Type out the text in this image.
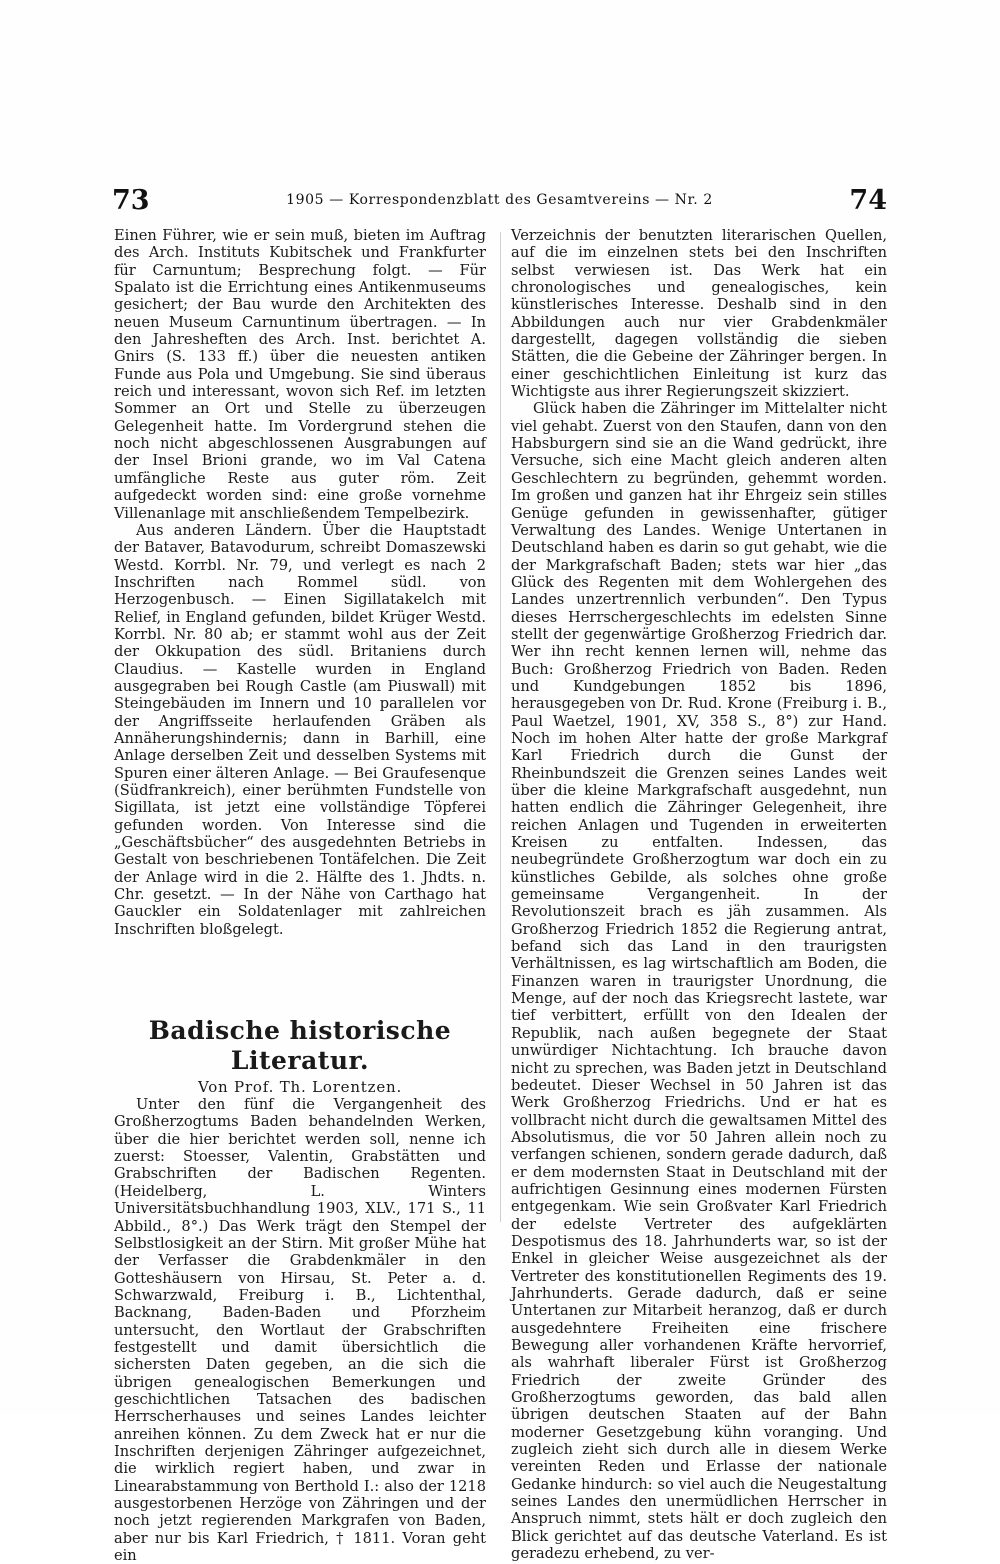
73	1905 — Korrespondenzblatt des Gesamtvereins — Nr. 2	74

Einen Führer, wie er sein muß, bieten im Auftrag des Arch. Instituts Kubitschek und Frankfurter für Carnuntum; Besprechung folgt. — Für Spalato ist die Errichtung eines Antikenmuseums gesichert; der Bau wurde den Architekten des neuen Museum Carnuntinum übertragen. — In den Jahresheften des Arch. Inst. berichtet A. Gnirs (S. 133 ff.) über die neuesten antiken Funde aus Pola und Umgebung. Sie sind überaus reich und interessant, wovon sich Ref. im letzten Sommer an Ort und Stelle zu überzeugen Gelegenheit hatte. Im Vordergrund stehen die noch nicht abgeschlossenen Ausgrabungen auf der Insel Brioni grande, wo im Val Catena umfängliche Reste aus guter röm. Zeit aufgedeckt worden sind: eine große vornehme Villenanlage mit anschließendem Tempelbezirk.

Aus anderen Ländern. Über die Hauptstadt der Bataver, Batavodurum, schreibt Domaszewski Westd. Korrbl. Nr. 79, und verlegt es nach 2 Inschriften nach Rommel südl. von Herzogenbusch. — Einen Sigillatakelch mit Relief, in England gefunden, bildet Krüger Westd. Korrbl. Nr. 80 ab; er stammt wohl aus der Zeit der Okkupation des südl. Britaniens durch Claudius. — Kastelle wurden in England ausgegraben bei Rough Castle (am Piuswall) mit Steingebäuden im Innern und 10 parallelen vor der Angriffsseite herlaufenden Gräben als Annäherungshindernis; dann in Barhill, eine Anlage derselben Zeit und desselben Systems mit Spuren einer älteren Anlage. — Bei Graufesenque (Südfrankreich), einer berühmten Fundstelle von Sigillata, ist jetzt eine vollständige Töpferei gefunden worden. Von Interesse sind die „Geschäftsbücher“ des ausgedehnten Betriebs in Gestalt von beschriebenen Tontäfelchen. Die Zeit der Anlage wird in die 2. Hälfte des 1. Jhdts. n. Chr. gesetzt. — In der Nähe von Carthago hat Gauckler ein Soldatenlager mit zahlreichen Inschriften bloßgelegt.

Badische historische Literatur.
Von Prof. Th. Lorentzen.

Unter den fünf die Vergangenheit des Großherzogtums Baden behandelnden Werken, über die hier berichtet werden soll, nenne ich zuerst: Stoesser, Valentin, Grabstätten und Grabschriften der Badischen Regenten. (Heidelberg, L. Winters Universitätsbuchhandlung 1903, XLV., 171 S., 11 Abbild., 8°.) Das Werk trägt den Stempel der Selbstlosigkeit an der Stirn. Mit großer Mühe hat der Verfasser die Grabdenkmäler in den Gotteshäusern von Hirsau, St. Peter a. d. Schwarzwald, Freiburg i. B., Lichtenthal, Backnang, Baden-Baden und Pforzheim untersucht, den Wortlaut der Grabschriften festgestellt und damit übersichtlich die sichersten Daten gegeben, an die sich die übrigen genealogischen Bemerkungen und geschichtlichen Tatsachen des badischen Herrscherhauses und seines Landes leichter anreihen können. Zu dem Zweck hat er nur die Inschriften derjenigen Zähringer aufgezeichnet, die wirklich regiert haben, und zwar in Linearabstammung von Berthold I.: also der 1218 ausgestorbenen Herzöge von Zähringen und der noch jetzt regierenden Markgrafen von Baden, aber nur bis Karl Friedrich, † 1811. Voran geht ein

Verzeichnis der benutzten literarischen Quellen, auf die im einzelnen stets bei den Inschriften selbst verwiesen ist. Das Werk hat ein chronologisches und genealogisches, kein künstlerisches Interesse. Deshalb sind in den Abbildungen auch nur vier Grabdenkmäler dargestellt, dagegen vollständig die sieben Stätten, die die Gebeine der Zähringer bergen. In einer geschichtlichen Einleitung ist kurz das Wichtigste aus ihrer Regierungszeit skizziert.

Glück haben die Zähringer im Mittelalter nicht viel gehabt. Zuerst von den Staufen, dann von den Habsburgern sind sie an die Wand gedrückt, ihre Versuche, sich eine Macht gleich anderen alten Geschlechtern zu begründen, gehemmt worden. Im großen und ganzen hat ihr Ehrgeiz sein stilles Genüge gefunden in gewissenhafter, gütiger Verwaltung des Landes. Wenige Untertanen in Deutschland haben es darin so gut gehabt, wie die der Markgrafschaft Baden; stets war hier „das Glück des Regenten mit dem Wohlergehen des Landes unzertrennlich verbunden“. Den Typus dieses Herrschergeschlechts im edelsten Sinne stellt der gegenwärtige Großherzog Friedrich dar. Wer ihn recht kennen lernen will, nehme das Buch: Großherzog Friedrich von Baden. Reden und Kundgebungen 1852 bis 1896, herausgegeben von Dr. Rud. Krone (Freiburg i. B., Paul Waetzel, 1901, XV, 358 S., 8°) zur Hand. Noch im hohen Alter hatte der große Markgraf Karl Friedrich durch die Gunst der Rheinbundszeit die Grenzen seines Landes weit über die kleine Markgrafschaft ausgedehnt, nun hatten endlich die Zähringer Gelegenheit, ihre reichen Anlagen und Tugenden in erweiterten Kreisen zu entfalten. Indessen, das neubegründete Großherzogtum war doch ein zu künstliches Gebilde, als solches ohne große gemeinsame Vergangenheit. In der Revolutionszeit brach es jäh zusammen. Als Großherzog Friedrich 1852 die Regierung antrat, befand sich das Land in den traurigsten Verhältnissen, es lag wirtschaftlich am Boden, die Finanzen waren in traurigster Unordnung, die Menge, auf der noch das Kriegsrecht lastete, war tief verbittert, erfüllt von den Idealen der Republik, nach außen begegnete der Staat unwürdiger Nichtachtung. Ich brauche davon nicht zu sprechen, was Baden jetzt in Deutschland bedeutet. Dieser Wechsel in 50 Jahren ist das Werk Großherzog Friedrichs. Und er hat es vollbracht nicht durch die gewaltsamen Mittel des Absolutismus, die vor 50 Jahren allein noch zu verfangen schienen, sondern gerade dadurch, daß er dem modernsten Staat in Deutschland mit der aufrichtigen Gesinnung eines modernen Fürsten entgegenkam. Wie sein Großvater Karl Friedrich der edelste Vertreter des aufgeklärten Despotismus des 18. Jahrhunderts war, so ist der Enkel in gleicher Weise ausgezeichnet als der Vertreter des konstitutionellen Regiments des 19. Jahrhunderts. Gerade dadurch, daß er seine Untertanen zur Mitarbeit heranzog, daß er durch ausgedehntere Freiheiten eine frischere Bewegung aller vorhandenen Kräfte hervorrief, als wahrhaft liberaler Fürst ist Großherzog Friedrich der zweite Gründer des Großherzogtums geworden, das bald allen übrigen deutschen Staaten auf der Bahn moderner Gesetzgebung kühn voranging. Und zugleich zieht sich durch alle in diesem Werke vereinten Reden und Erlasse der nationale Gedanke hindurch: so viel auch die Neugestaltung seines Landes den unermüdlichen Herrscher in Anspruch nimmt, stets hält er doch zugleich den Blick gerichtet auf das deutsche Vaterland. Es ist geradezu erhebend, zu ver-
